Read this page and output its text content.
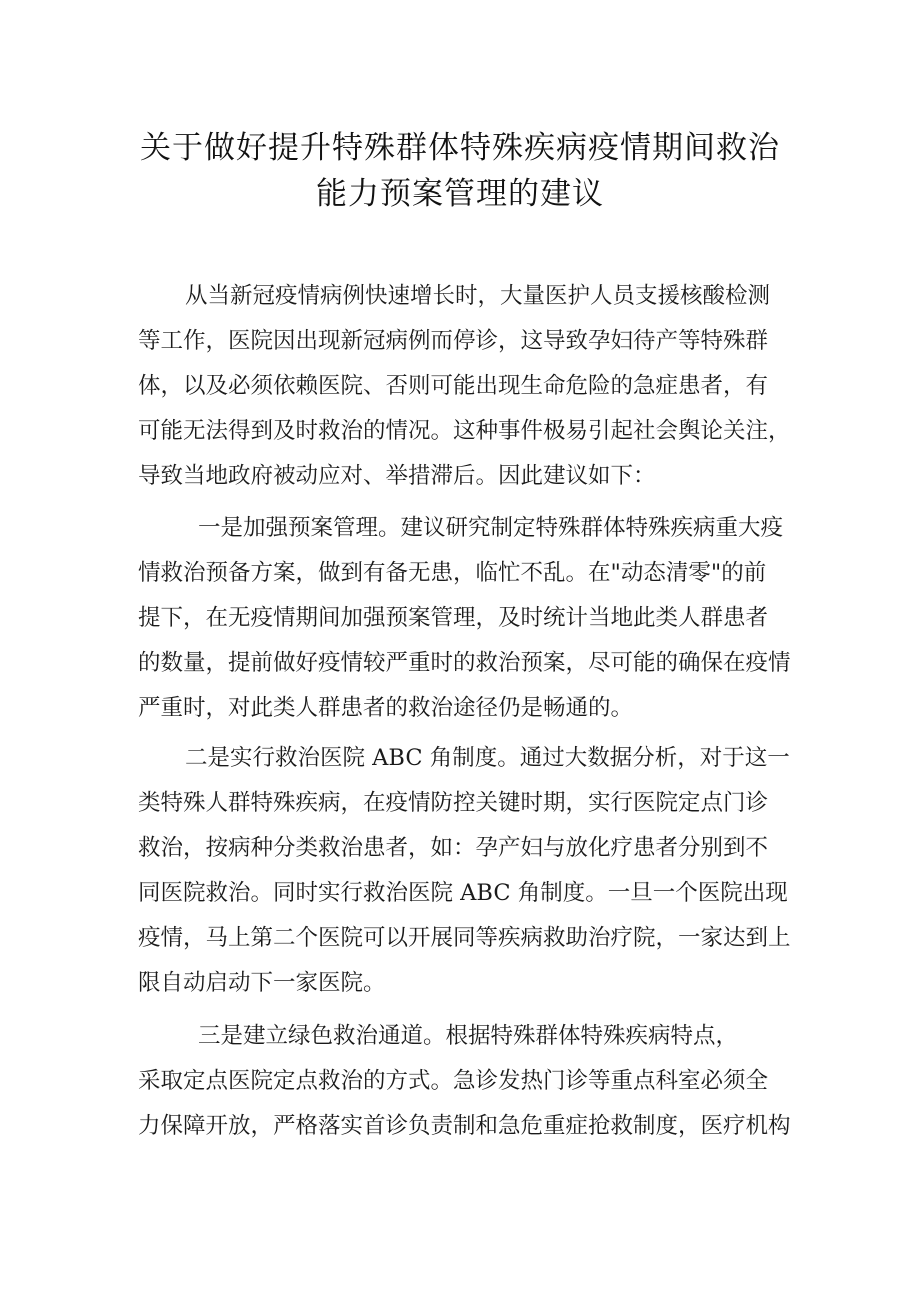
关于做好提升特殊群体特殊疾病疫情期间救治
能力预案管理的建议
从当新冠疫情病例快速增长时，大量医护人员支援核酸检测
等工作，医院因出现新冠病例而停诊，这导致孕妇待产等特殊群
体，以及必须依赖医院、否则可能出现生命危险的急症患者，有
可能无法得到及时救治的情况。这种事件极易引起社会舆论关注，
导致当地政府被动应对、举措滞后。因此建议如下：
一是加强预案管理。建议研究制定特殊群体特殊疾病重大疫
情救治预备方案，做到有备无患，临忙不乱。在"动态清零"的前
提下，在无疫情期间加强预案管理，及时统计当地此类人群患者
的数量，提前做好疫情较严重时的救治预案，尽可能的确保在疫情
严重时，对此类人群患者的救治途径仍是畅通的。
二是实行救治医院 ABC 角制度。通过大数据分析，对于这一
类特殊人群特殊疾病，在疫情防控关键时期，实行医院定点门诊
救治，按病种分类救治患者，如：孕产妇与放化疗患者分别到不
同医院救治。同时实行救治医院 ABC 角制度。一旦一个医院出现
疫情，马上第二个医院可以开展同等疾病救助治疗院，一家达到上
限自动启动下一家医院。
三是建立绿色救治通道。根据特殊群体特殊疾病特点，
采取定点医院定点救治的方式。急诊发热门诊等重点科室必须全
力保障开放，严格落实首诊负责制和急危重症抢救制度，医疗机构
